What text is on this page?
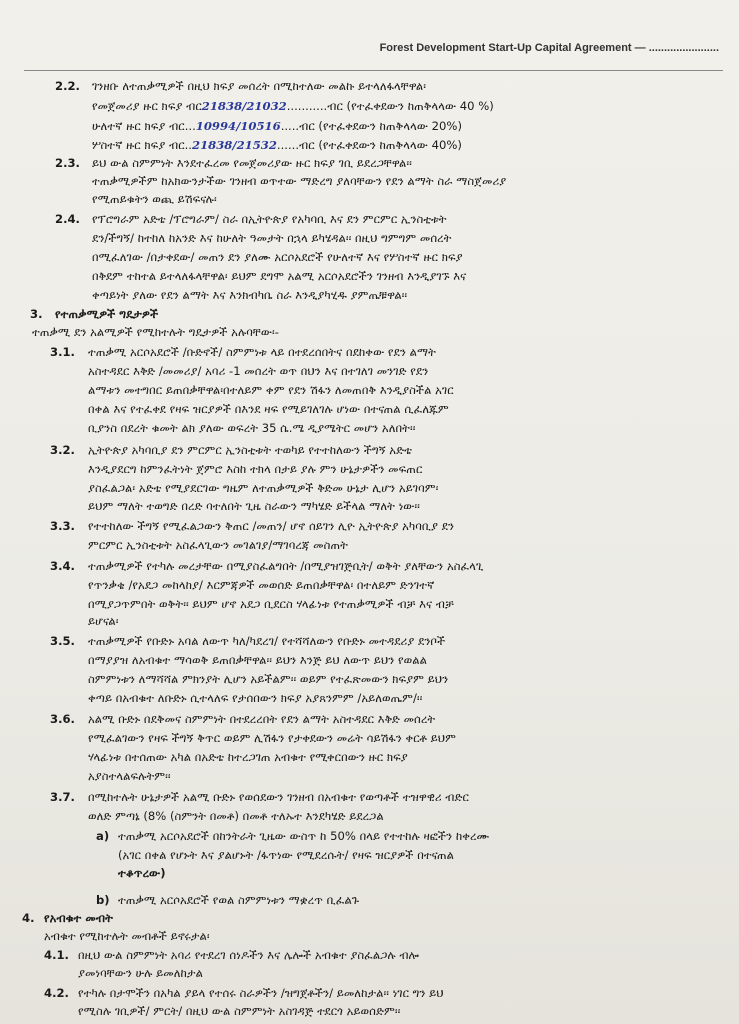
Forest Development Start-Up Capital Agreement — .......................
2.2. ገንዘቡ ለተጠቃሚዎች በዚህ ክፍያ መሰረት በሚከተለው መልኩ ይተላለፋላቸዋል፡
የመጀመሪያ ዙር ክፍያ ብር21838/21032...........ብር (የተፈቀደውን ከጠቅላላው 40 %)
ሁለተኛ ዙር ክፍያ ብር...10994/10516.....ብር (የተፈቀደውን ከጠቅላላው 20%)
ሦስተኛ ዙር ክፍያ ብር..21838/21532......ብር (የተፈቀደውን ከጠቅላላው 40%)
2.3. ይህ ውል ስምምነት እንደተፈረመ የመጀመሪያው ዙር ክፍያ ገቢ ይደረጋቸዋል፡፡
ተጠቃሚዎችም ከአክውንታችው ገንዘብ ወጥተው ማድረግ ያለባቸውን የደን ልማት ስራ ማስጀመሪያ
የሚጠይቁትን ወጪ ይሽፍናሉ፡
2.4. የፕሮግራም አድቴ /ፕሮግራም/ ስራ በኢትዮጵያ የአካባቢ እና ደን ምርምር ኢንስቲቱት
ደን/ችግኝ/ ከተከለ ከአንድ እና ከሁለት ዓመታት በኋላ ይካሄዳል፡፡ በዚህ ግምግም መሰረት
በሚፈለገው /በታቀደው/ መጠን ደን ያለሙ አርሶአደሮች የሁለተኛ እና የሦስተኛ ዙር ክፍያ
በቅደም ተከተል ይተላለፋላቸዋል፡ ይህም ደግሞ አልሚ አርሶአደሮችን ገንዘብ እንዲያገኙ እና
ቀጣይነት ያለው የደን ልማት እና እንክብካቤ ስራ እንዲያካሂዱ ያምጤቹዋል፡፡
3. የተጠቃሚዎች ግዴታዎች
ተጠቃሚ ደን አልሚዎች የሚከተሉት ግዴታዎች አሉባቸው፡-
3.1. ተጠቃሚ አርሶአደሮች /ቡድኖች/ ስምምነቱ ላይ በተደረሰበትና በደከቀው የደን ልማት
አስተዳደር እቅድ /መመሪያ/ አባሪ -1 መሰረት ወጥ በህን እና በተገለገ መንገድ የደን
ልማቱን መተግበር ይጠበቃቸዋል፡በተለይም ቀም የደን ሽፋን ለመጠበቅ እንዲያስችል አገር
በቀል እና የተፈቀደ የዛፍ ዝርያዎች በእንደ ዛፍ የሚይገለገሉ ሆነው በተናጠል ሲፈለጁም
ቢያንስ በደረት ቁመት ልክ ያለው ወፍረት 35 ሴ.ሜ ዲያሜትር መሆን አለበት፡፡
3.2. ኢትዮጵያ አካባቢያ ደን ምርምር ኢንስቲቱት ተወካይ የተተከለውን ችግኝ አድቴ
እንዲያደርግ ከምንፈትነት ጀምሮ እስከ ተክላ በታይ ያሉ ምን ሁኔታዎችን መፍጠር
ያስፈልጋል፡ አድቴ የሚያደርገው ግዜም ለተጠቃሚዎች ቅድመ ሁኔታ ሊሆን አይገባም፡
ይህም ማለት ተወግድ በረድ ባተለበት ጊዜ ስራውን ማካሄድ ይችላል ማለት ነው፡፡
3.3. የተተከለው ችግኝ የሚፈልጋውን ቅጠር /መጠን/ ሆኖ ሰይገን ሊዮ ኢትዮጵያ አካባቢያ ደን
ምርምር ኢንስቲቱት አስፈላጊውን መገልገያ/ማገባረጃ መስጠት
3.4. ተጠቃሚዎች የተካሉ መረታቸው በሚያስፈልግበት /በሚያዝገጅቢት/ ወቅት ያለቸውን አስፈላጊ
የጥንቃቄ /የአደጋ መከላከያ/ እርምጃዎች መወሰድ ይጠበቃቸዋል፡ በተለይም ድንገተኛ
በሚያጋጥምበት ወቅት፡፡ ይህም ሆኖ አደጋ ቢደርስ ሃላፊነቱ የተጠቃሚዎች ብቻ እና ብቻ
ይሆናል፡
3.5. ተጠቃሚዎች የቡድኑ አባል ለውጥ ካለ/ካደረገ/ የተሻሻለውን የቡድኑ መተዳደሪያ ደንቦች
በማያያዝ ለአብቁተ ማሳወቅ ይጠበቃቸዋል፡፡ ይህን እንጅ ይህ ለውጥ ይህን የወልል
ስምምነቱን ለማሻሻል ምክንያት ሊሆን አይችልም፡፡ ወይም የተፈጽመውን ክፍያም ይህን
ቀጣይ በአብቁተ ለቡድኑ ሲተላለፍ የታሰበውን ክፍያ አያጸንምም /አይለወጤም/፡፡
3.6. አልሚ ቡድኑ በደቅመና ስምምነት በተደረረበት የደን ልማት አስተዳደር እቅድ መሰረት
የሚፈልገውን የዛፍ ችግኝ ቅጥር ወይም ሊሽፋን የታቀደውን መሬት ሳይሽፋን ቀርቶ ይህም
ሃላፊነቱ በተሰጠው አካል በአድቴ ከተረጋገጠ አብቁተ የሚቀርበውን ዙር ክፍያ
አያስተላልፍሉትም፡፡
3.7. በሚከተሉት ሁኔታዎች አልሚ ቡድኑ የወሰደውን ገንዘብ በአብቁተ የወጣቶች ተዝዋዊሪ ብድር
ወለድ ምጣኔ (8% (ስምንት በመቶ) በመቶ ተለኡተ እንደካሄድ ይደረጋል
a) ተጠቃሚ አርሶአደሮች በከንትራት ጊዜው ውስጥ ከ 50% በላይ የተተከሉ ዛፎችን ከቀረሙ
(አገር በቀል የሆኑት እና ያልሆኑት /ፋጥነው የሚደረሱት/ የዛፍ ዝርያዎች በተናጠል
ተቆጥረው)
b) ተጠቃሚ አርሶአደሮች የወል ስምምነቱን ማቋረጥ ቢፈልጉ
4. የአብቁተ መብት
አብቁተ የሚከተሉት መብቶች ይኖሩታል፡
4.1. በዚህ ውል ስምምነት አባሪ የተደረገ ሰነዶችን እና ሌሎች አብቁተ ያስፈልጋሉ ብሎ
ያመነባቸውን ሁሉ ይመለከታል
4.2. የተካሉ በታሞችን በአካል ያይላ የተሰሩ ስራዎችን /ዝግጀቶችን/ ይመለከታል፡፡ ነገር ግን ይህ
የሚስሉ ገቢዎች/ ምርት/ በዚህ ውል ስምምነት አስገዳጅ ተደርጎ አይወሰድም፡፡
